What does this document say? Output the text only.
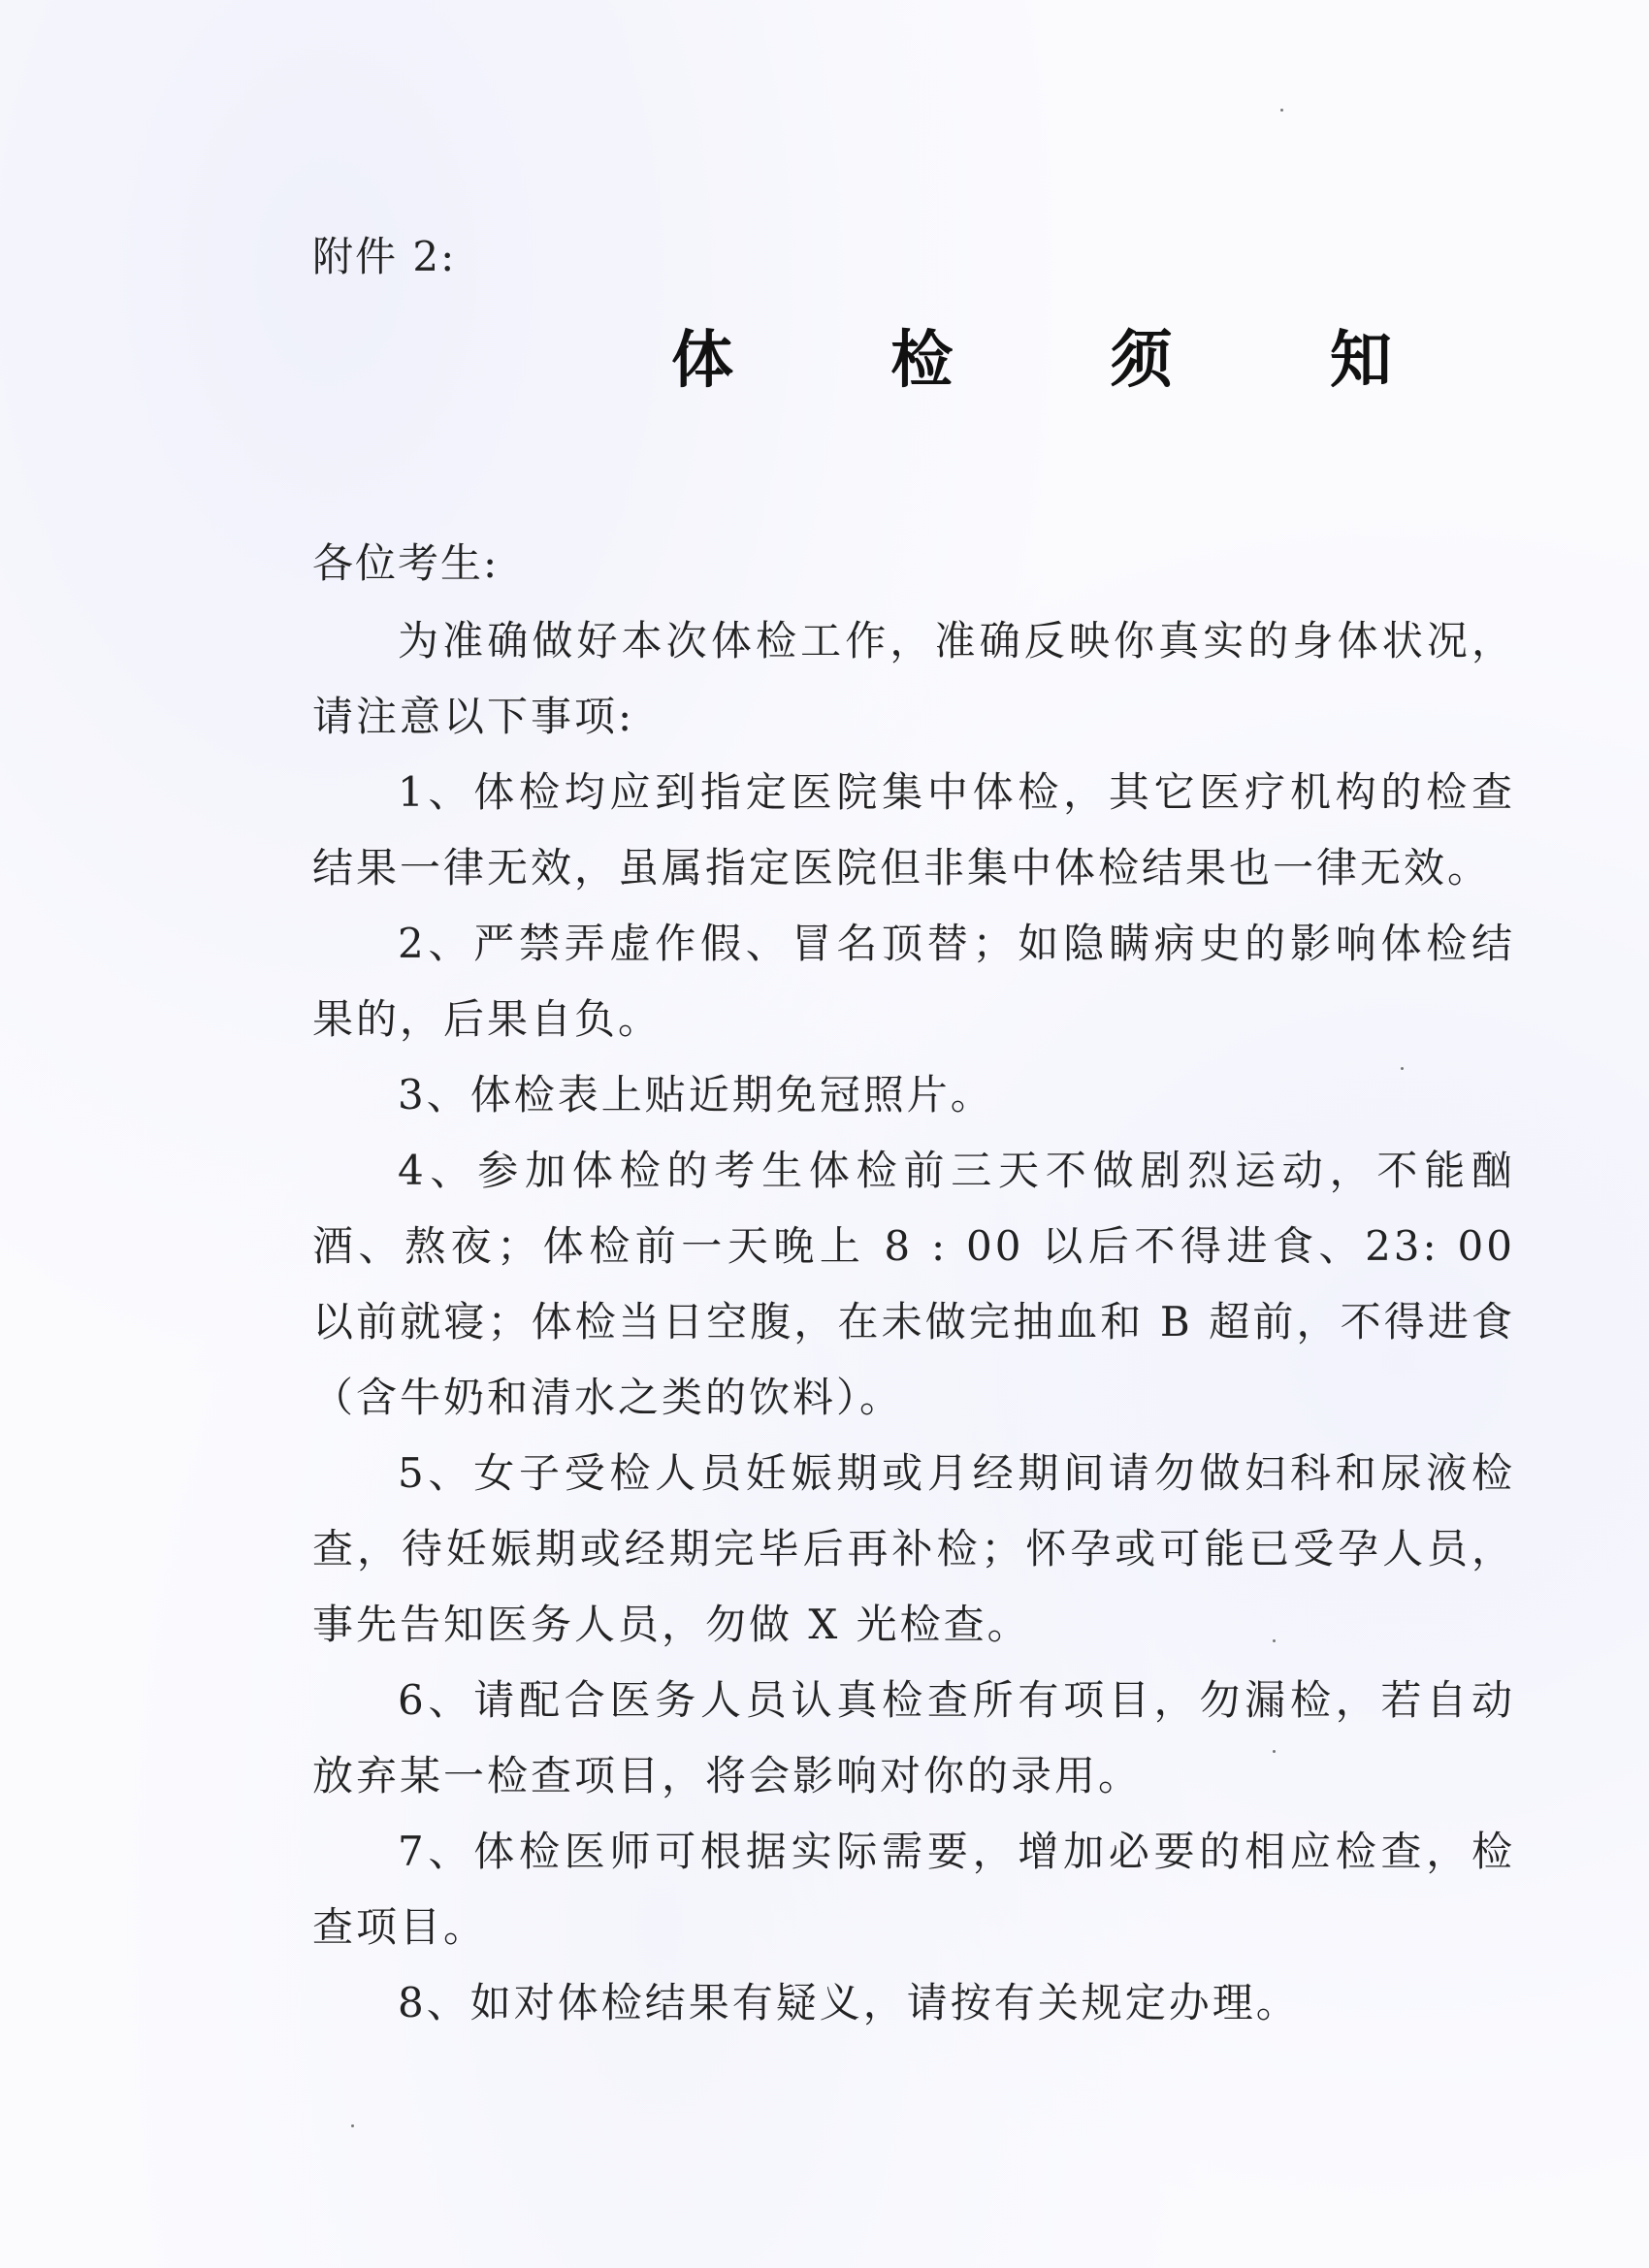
附件 2:
体 检 须 知
各位考生:

为准确做好本次体检工作，准确反映你真实的身体状况，请注意以下事项:

1、体检均应到指定医院集中体检，其它医疗机构的检查结果一律无效，虽属指定医院但非集中体检结果也一律无效。

2、严禁弄虚作假、冒名顶替；如隐瞒病史的影响体检结果的，后果自负。

3、体检表上贴近期免冠照片。

4、参加体检的考生体检前三天不做剧烈运动，不能酗酒、熬夜；体检前一天晚上 8 : 00 以后不得进食、23: 00 以前就寝；体检当日空腹，在未做完抽血和 B 超前，不得进食（含牛奶和清水之类的饮料）。

5、女子受检人员妊娠期或月经期间请勿做妇科和尿液检查，待妊娠期或经期完毕后再补检；怀孕或可能已受孕人员，事先告知医务人员，勿做 X 光检查。

6、请配合医务人员认真检查所有项目，勿漏检，若自动放弃某一检查项目，将会影响对你的录用。

7、体检医师可根据实际需要，增加必要的相应检查，检查项目。

8、如对体检结果有疑义，请按有关规定办理。
